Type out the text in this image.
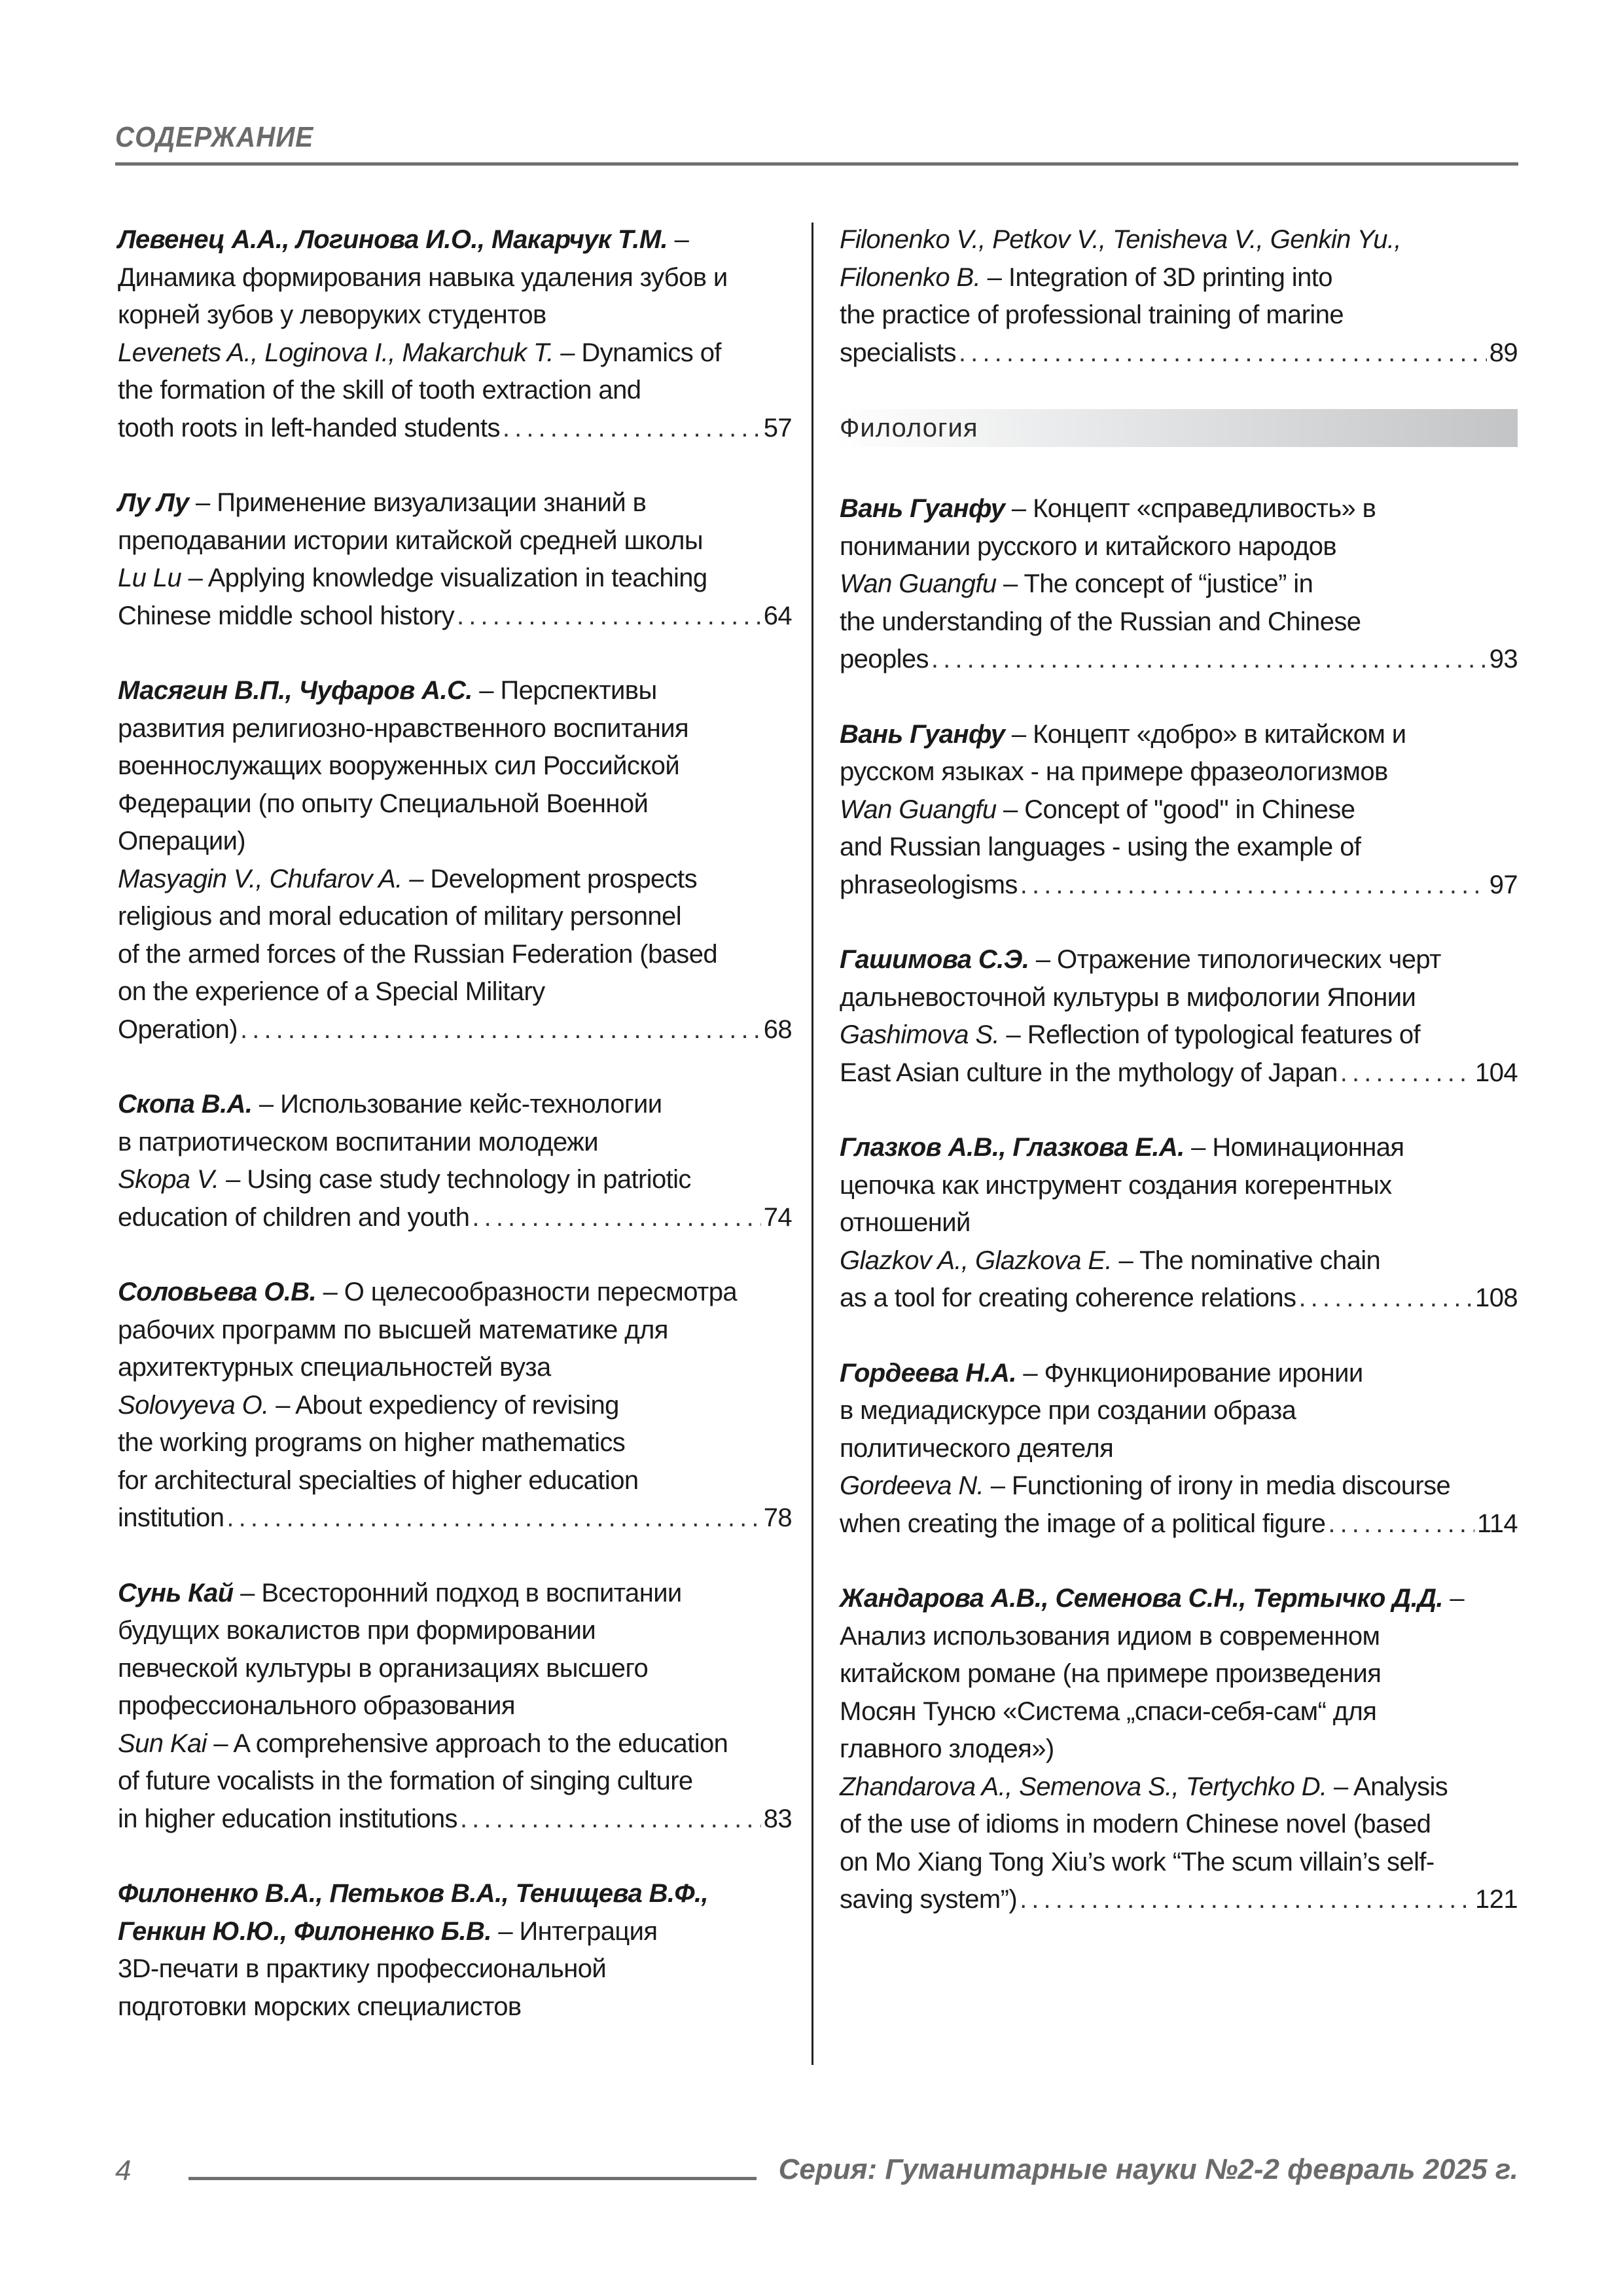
СОДЕРЖАНИЕ
Левенец А.А., Логинова И.О., Макарчук Т.М. –
Динамика формирования навыка удаления зубов и
корней зубов у леворуких студентов
Levenets A., Loginova I., Makarchuk T. – Dynamics of
the formation of the skill of tooth extraction and
tooth roots in left-handed students . . .	57
Лу Лу – Применение визуализации знаний в
преподавании истории китайской средней школы
Lu Lu – Applying knowledge visualization in teaching
Chinese middle school history . . .	64
Масягин В.П., Чуфаров А.С. – Перспективы
развития религиозно-нравственного воспитания
военнослужащих вооруженных сил Российской
Федерации (по опыту Специальной Военной
Операции)
Masyagin V., Chufarov A. – Development prospects
religious and moral education of military personnel
of the armed forces of the Russian Federation (based
on the experience of a Special Military
Operation) . . .	68
Скопа В.А. – Использование кейс-технологии
в патриотическом воспитании молодежи
Skopa V. – Using case study technology in patriotic
education of children and youth . . .	74
Соловьева О.В. – О целесообразности пересмотра
рабочих программ по высшей математике для
архитектурных специальностей вуза
Solovyeva O. – About expediency of revising
the working programs on higher mathematics
for architectural specialties of higher education
institution . . .	78
Сунь Кай – Всесторонний подход в воспитании
будущих вокалистов при формировании
певческой культуры в организациях высшего
профессионального образования
Sun Kai – A comprehensive approach to the education
of future vocalists in the formation of singing culture
in higher education institutions . . .	83
Филоненко В.А., Петьков В.А., Тенищева В.Ф.,
Генкин Ю.Ю., Филоненко Б.В. – Интеграция
3D-печати в практику профессиональной
подготовки морских специалистов
Filonenko V., Petkov V., Tenisheva V., Genkin Yu.,
Filonenko B. – Integration of 3D printing into
the practice of professional training of marine
specialists . . .	89
Филология
Вань Гуанфу – Концепт «справедливость» в
понимании русского и китайского народов
Wan Guangfu – The concept of “justice” in
the understanding of the Russian and Chinese
peoples . . .	93
Вань Гуанфу – Концепт «добро» в китайском и
русском языках - на примере фразеологизмов
Wan Guangfu – Concept of "good" in Chinese
and Russian languages - using the example of
phraseologisms . . .	97
Гашимова С.Э. – Отражение типологических черт
дальневосточной культуры в мифологии Японии
Gashimova S. – Reflection of typological features of
East Asian culture in the mythology of Japan . . .	104
Глазков А.В., Глазкова Е.А. – Номинационная
цепочка как инструмент создания когерентных
отношений
Glazkov A., Glazkova E. – The nominative chain
as a tool for creating coherence relations . . .	108
Гордеева Н.А. – Функционирование иронии
в медиадискурсе при создании образа
политического деятеля
Gordeeva N. – Functioning of irony in media discourse
when creating the image of a political figure . . .	114
Жандарова А.В., Семенова С.Н., Тертычко Д.Д. –
Анализ использования идиом в современном
китайском романе (на примере произведения
Мосян Тунсю «Система „спаси-себя-сам“ для
главного злодея»)
Zhandarova A., Semenova S., Tertychko D. – Analysis
of the use of idioms in modern Chinese novel (based
on Mo Xiang Tong Xiu’s work “The scum villain’s self-
saving system”) . . .	121
4	Серия: Гуманитарные науки №2-2 февраль 2025 г.
